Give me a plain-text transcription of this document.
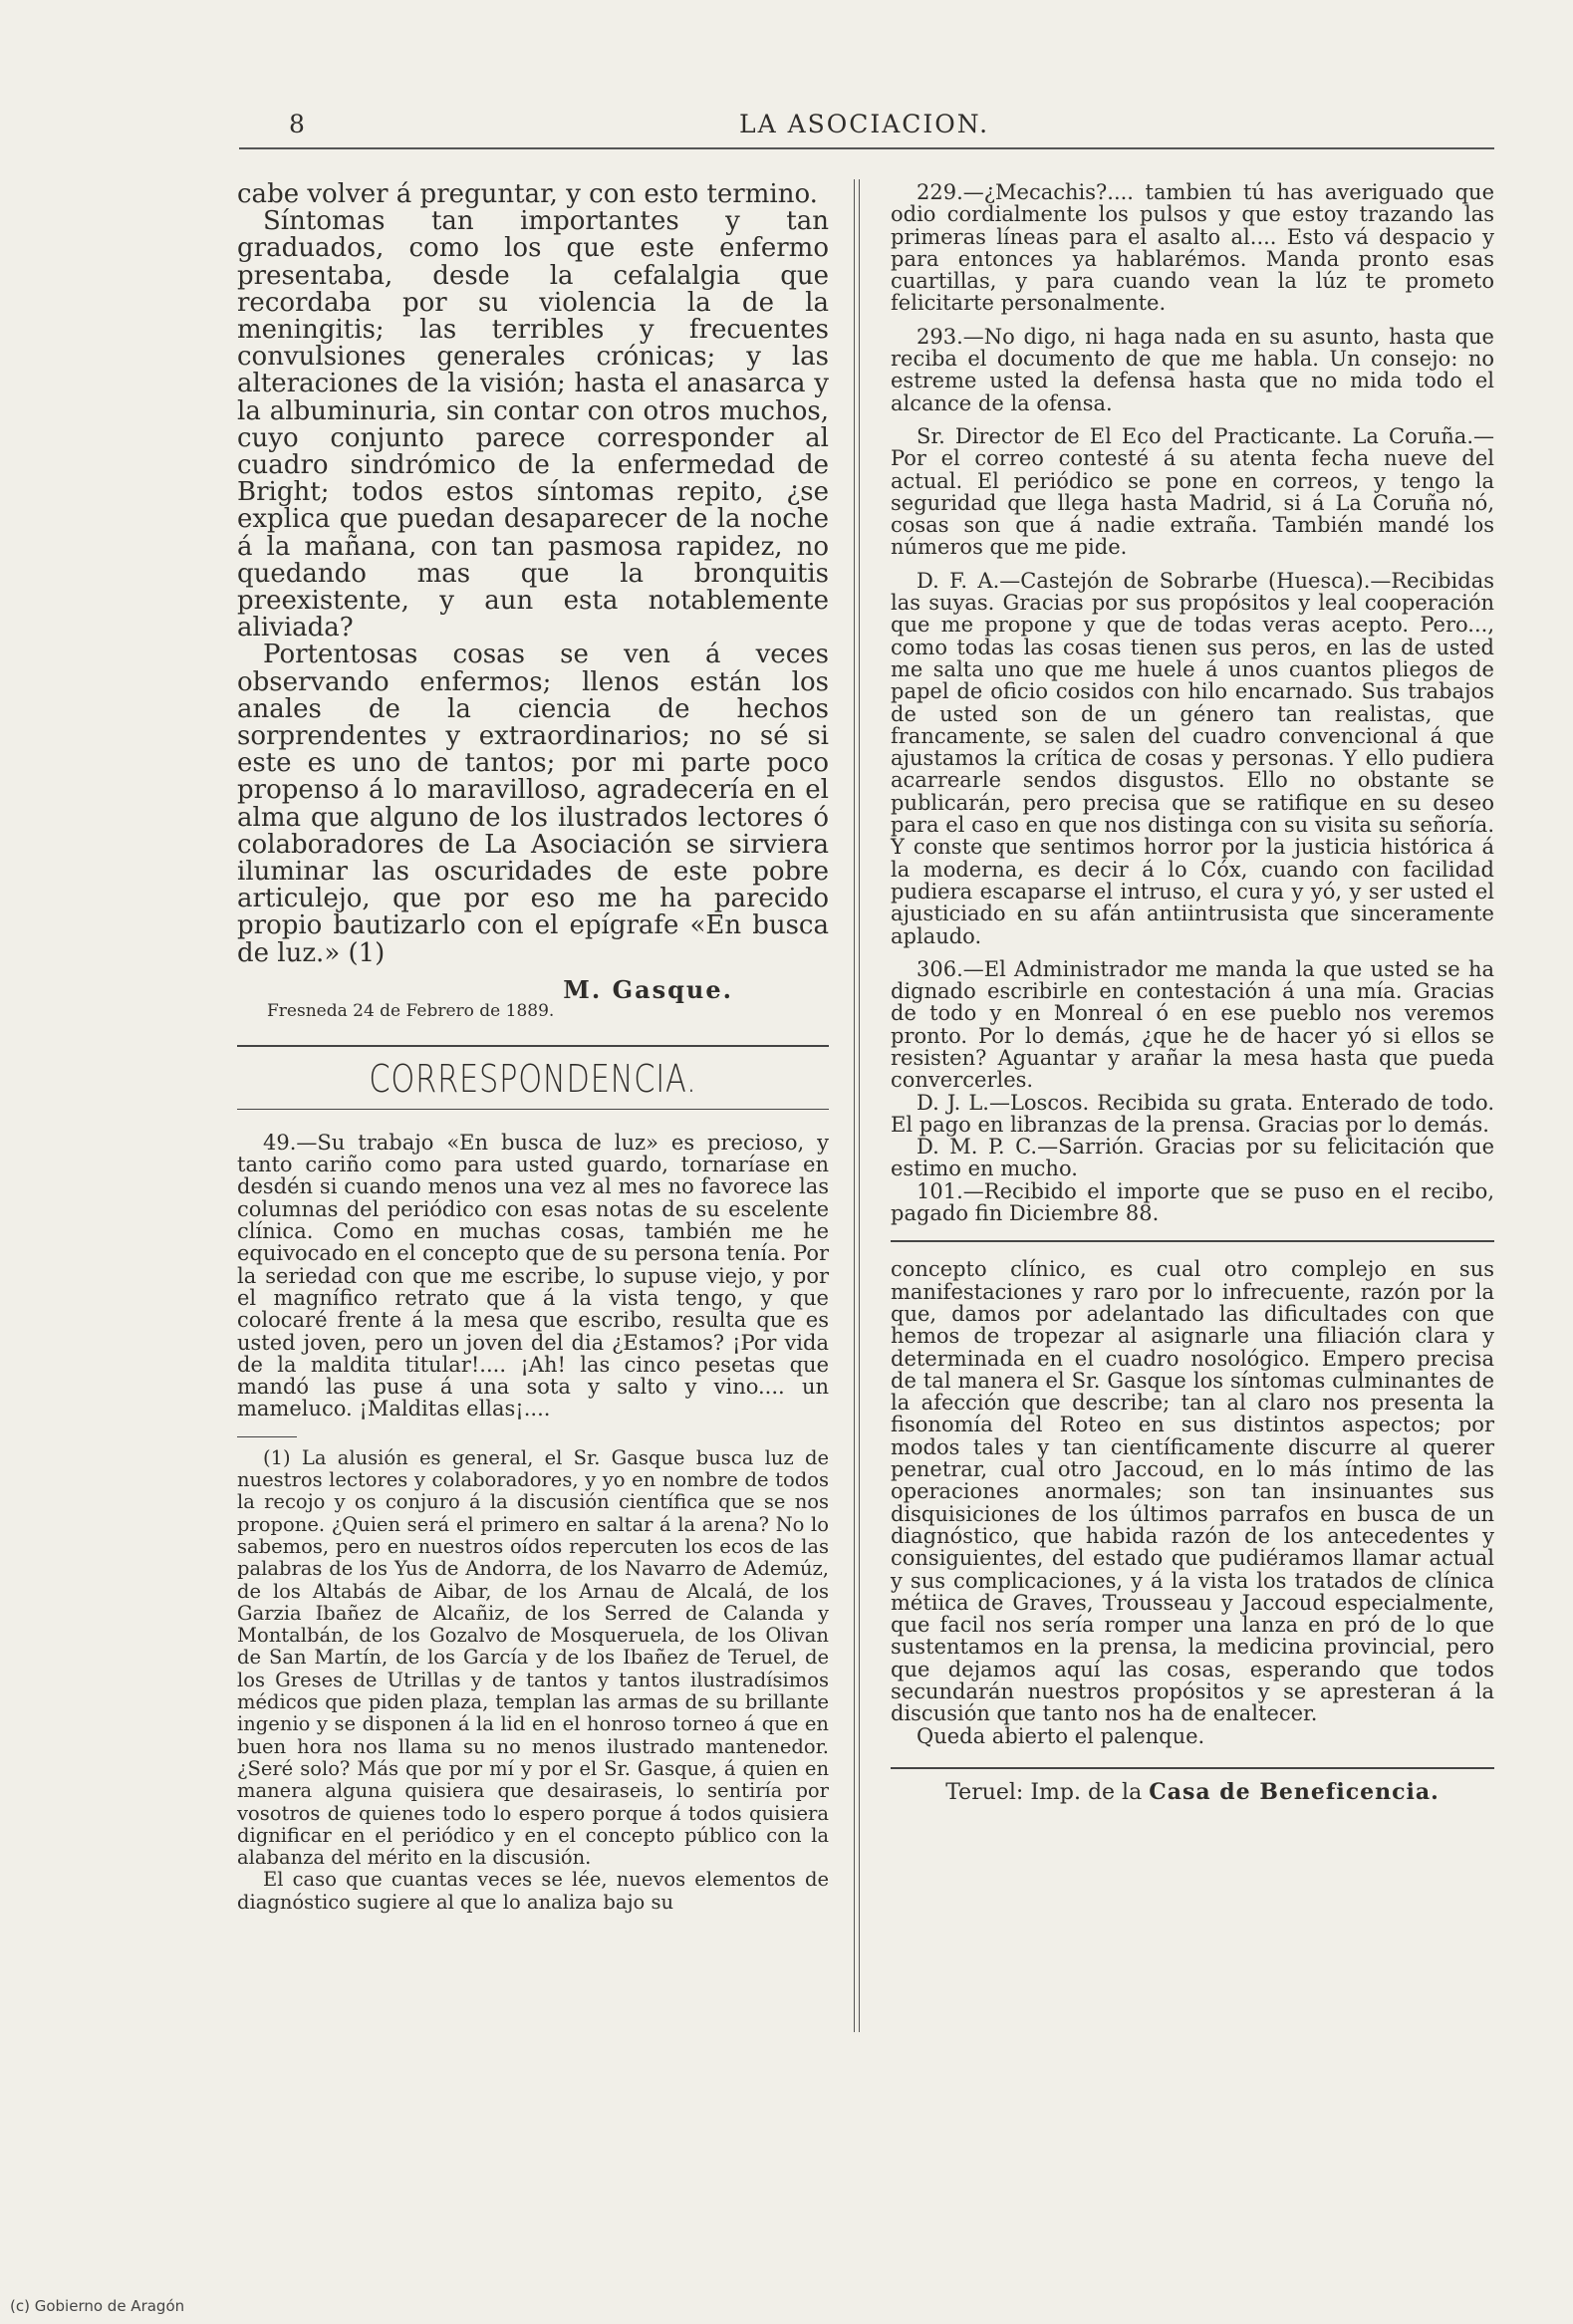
8	LA ASOCIACION.

cabe volver á preguntar, y con esto termino.

Síntomas tan importantes y tan graduados, como los que este enfermo presentaba, desde la cefalalgia que recordaba por su violencia la de la meningitis; las terribles y frecuentes convulsiones generales crónicas; y las alteraciones de la visión; hasta el anasarca y la albuminuria, sin contar con otros muchos, cuyo conjunto parece corresponder al cuadro sindrómico de la enfermedad de Bright; todos estos síntomas repito, ¿se explica que puedan desaparecer de la noche á la mañana, con tan pasmosa rapidez, no quedando mas que la bronquitis preexistente, y aun esta notablemente aliviada?

Portentosas cosas se ven á veces observando enfermos; llenos están los anales de la ciencia de hechos sorprendentes y extraordinarios; no sé si este es uno de tantos; por mi parte poco propenso á lo maravilloso, agradecería en el alma que alguno de los ilustrados lectores ó colaboradores de La Asociación se sirviera iluminar las oscuridades de este pobre articulejo, que por eso me ha parecido propio bautizarlo con el epígrafe «En busca de luz.» (1)

M. Gasque.
Fresneda 24 de Febrero de 1889.
CORRESPONDENCIA.

49.—Su trabajo «En busca de luz» es precioso, y tanto cariño como para usted guardo, tornaríase en desdén si cuando menos una vez al mes no favorece las columnas del periódico con esas notas de su escelente clínica. Como en muchas cosas, también me he equivocado en el concepto que de su persona tenía. Por la seriedad con que me escribe, lo supuse viejo, y por el magnífico retrato que á la vista tengo, y que colocaré frente á la mesa que escribo, resulta que es usted joven, pero un joven del dia ¿Estamos? ¡Por vida de la maldita titular!.... ¡Ah! las cinco pesetas que mandó las puse á una sota y salto y vino.... un mameluco. ¡Malditas ellas¡....

(1) La alusión es general, el Sr. Gasque busca luz de nuestros lectores y colaboradores, y yo en nombre de todos la recojo y os conjuro á la discusión científica que se nos propone. ¿Quien será el primero en saltar á la arena? No lo sabemos, pero en nuestros oídos repercuten los ecos de las palabras de los Yus de Andorra, de los Navarro de Ademúz, de los Altabás de Aibar, de los Arnau de Alcalá, de los Garzia Ibañez de Alcañiz, de los Serred de Calanda y Montalbán, de los Gozalvo de Mosqueruela, de los Olivan de San Martín, de los García y de los Ibañez de Teruel, de los Greses de Utrillas y de tantos y tantos ilustradísimos médicos que piden plaza, templan las armas de su brillante ingenio y se disponen á la lid en el honroso torneo á que en buen hora nos llama su no menos ilustrado mantenedor. ¿Seré solo? Más que por mí y por el Sr. Gasque, á quien en manera alguna quisiera que desairaseis, lo sentiría por vosotros de quienes todo lo espero porque á todos quisiera dignificar en el periódico y en el concepto público con la alabanza del mérito en la discusión.

El caso que cuantas veces se lée, nuevos elementos de diagnóstico sugiere al que lo analiza bajo su

229.—¿Mecachis?.... tambien tú has averiguado que odio cordialmente los pulsos y que estoy trazando las primeras líneas para el asalto al.... Esto vá despacio y para entonces ya hablarémos. Manda pronto esas cuartillas, y para cuando vean la lúz te prometo felicitarte personalmente.

293.—No digo, ni haga nada en su asunto, hasta que reciba el documento de que me habla. Un consejo: no estreme usted la defensa hasta que no mida todo el alcance de la ofensa.

Sr. Director de El Eco del Practicante. La Coruña.—Por el correo contesté á su atenta fecha nueve del actual. El periódico se pone en correos, y tengo la seguridad que llega hasta Madrid, si á La Coruña nó, cosas son que á nadie extraña. También mandé los números que me pide.

D. F. A.—Castejón de Sobrarbe (Huesca).—Recibidas las suyas. Gracias por sus propósitos y leal cooperación que me propone y que de todas veras acepto. Pero..., como todas las cosas tienen sus peros, en las de usted me salta uno que me huele á unos cuantos pliegos de papel de oficio cosidos con hilo encarnado. Sus trabajos de usted son de un género tan realistas, que francamente, se salen del cuadro convencional á que ajustamos la crítica de cosas y personas. Y ello pudiera acarrearle sendos disgustos. Ello no obstante se publicarán, pero precisa que se ratifique en su deseo para el caso en que nos distinga con su visita su señoría. Y conste que sentimos horror por la justicia histórica á la moderna, es decir á lo Cóx, cuando con facilidad pudiera escaparse el intruso, el cura y yó, y ser usted el ajusticiado en su afán antiintrusista que sinceramente aplaudo.

306.—El Administrador me manda la que usted se ha dignado escribirle en contestación á una mía. Gracias de todo y en Monreal ó en ese pueblo nos veremos pronto. Por lo demás, ¿que he de hacer yó si ellos se resisten? Aguantar y arañar la mesa hasta que pueda convercerles.

D. J. L.—Loscos. Recibida su grata. Enterado de todo. El pago en libranzas de la prensa. Gracias por lo demás.

D. M. P. C.—Sarrión. Gracias por su felicitación que estimo en mucho.

101.—Recibido el importe que se puso en el recibo, pagado fin Diciembre 88.

concepto clínico, es cual otro complejo en sus manifestaciones y raro por lo infrecuente, razón por la que, damos por adelantado las dificultades con que hemos de tropezar al asignarle una filiación clara y determinada en el cuadro nosológico. Empero precisa de tal manera el Sr. Gasque los síntomas culminantes de la afección que describe; tan al claro nos presenta la fisonomía del Roteo en sus distintos aspectos; por modos tales y tan científicamente discurre al querer penetrar, cual otro Jaccoud, en lo más íntimo de las operaciones anormales; son tan insinuantes sus disquisiciones de los últimos parrafos en busca de un diagnóstico, que habida razón de los antecedentes y consiguientes, del estado que pudiéramos llamar actual y sus complicaciones, y á la vista los tratados de clínica métiica de Graves, Trousseau y Jaccoud especialmente, que facil nos sería romper una lanza en pró de lo que sustentamos en la prensa, la medicina provincial, pero que dejamos aquí las cosas, esperando que todos secundarán nuestros propósitos y se apresteran á la discusión que tanto nos ha de enaltecer.

Queda abierto el palenque.

Teruel: Imp. de la Casa de Beneficencia.
(c) Gobierno de Aragón
